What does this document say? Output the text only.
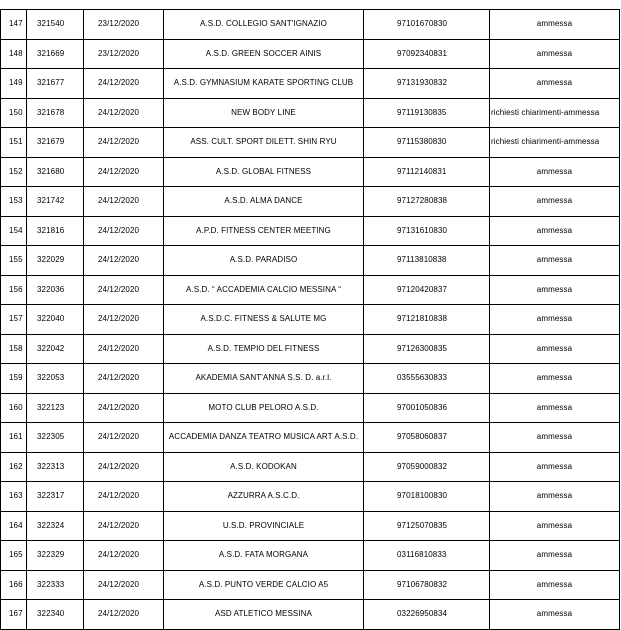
147	321540	23/12/2020	A.S.D. COLLEGIO SANT'IGNAZIO	97101670830	ammessa
148	321669	23/12/2020	A.S.D. GREEN SOCCER AINIS	97092340831	ammessa
149	321677	24/12/2020	A.S.D. GYMNASIUM KARATE SPORTING CLUB	97131930832	ammessa
150	321678	24/12/2020	NEW BODY LINE	97119130835	richiesti chiarimenti-ammessa
151	321679	24/12/2020	ASS. CULT. SPORT DILETT. SHIN RYU	97115380830	richiesti chiarimenti-ammessa
152	321680	24/12/2020	A.S.D. GLOBAL FITNESS	97112140831	ammessa
153	321742	24/12/2020	A.S.D. ALMA DANCE	97127280838	ammessa
154	321816	24/12/2020	A.P.D. FITNESS CENTER MEETING	97131610830	ammessa
155	322029	24/12/2020	A.S.D. PARADISO	97113810838	ammessa
156	322036	24/12/2020	A.S.D. “ ACCADEMIA CALCIO MESSINA “	97120420837	ammessa
157	322040	24/12/2020	A.S.D.C. FITNESS & SALUTE MG	97121810838	ammessa
158	322042	24/12/2020	A.S.D. TEMPIO DEL FITNESS	97126300835	ammessa
159	322053	24/12/2020	AKADEMIA SANT'ANNA S.S. D. a.r.l.	03555630833	ammessa
160	322123	24/12/2020	MOTO CLUB PELORO A.S.D.	97001050836	ammessa
161	322305	24/12/2020	ACCADEMIA DANZA TEATRO MUSICA ART A.S.D.	97058060837	ammessa
162	322313	24/12/2020	A.S.D. KODOKAN	97059000832	ammessa
163	322317	24/12/2020	AZZURRA A.S.C.D.	97018100830	ammessa
164	322324	24/12/2020	U.S.D. PROVINCIALE	97125070835	ammessa
165	322329	24/12/2020	A.S.D. FATA MORGANA	03116810833	ammessa
166	322333	24/12/2020	A.S.D. PUNTO VERDE CALCIO A5	97106780832	ammessa
167	322340	24/12/2020	ASD ATLETICO MESSINA	03226950834	ammessa
